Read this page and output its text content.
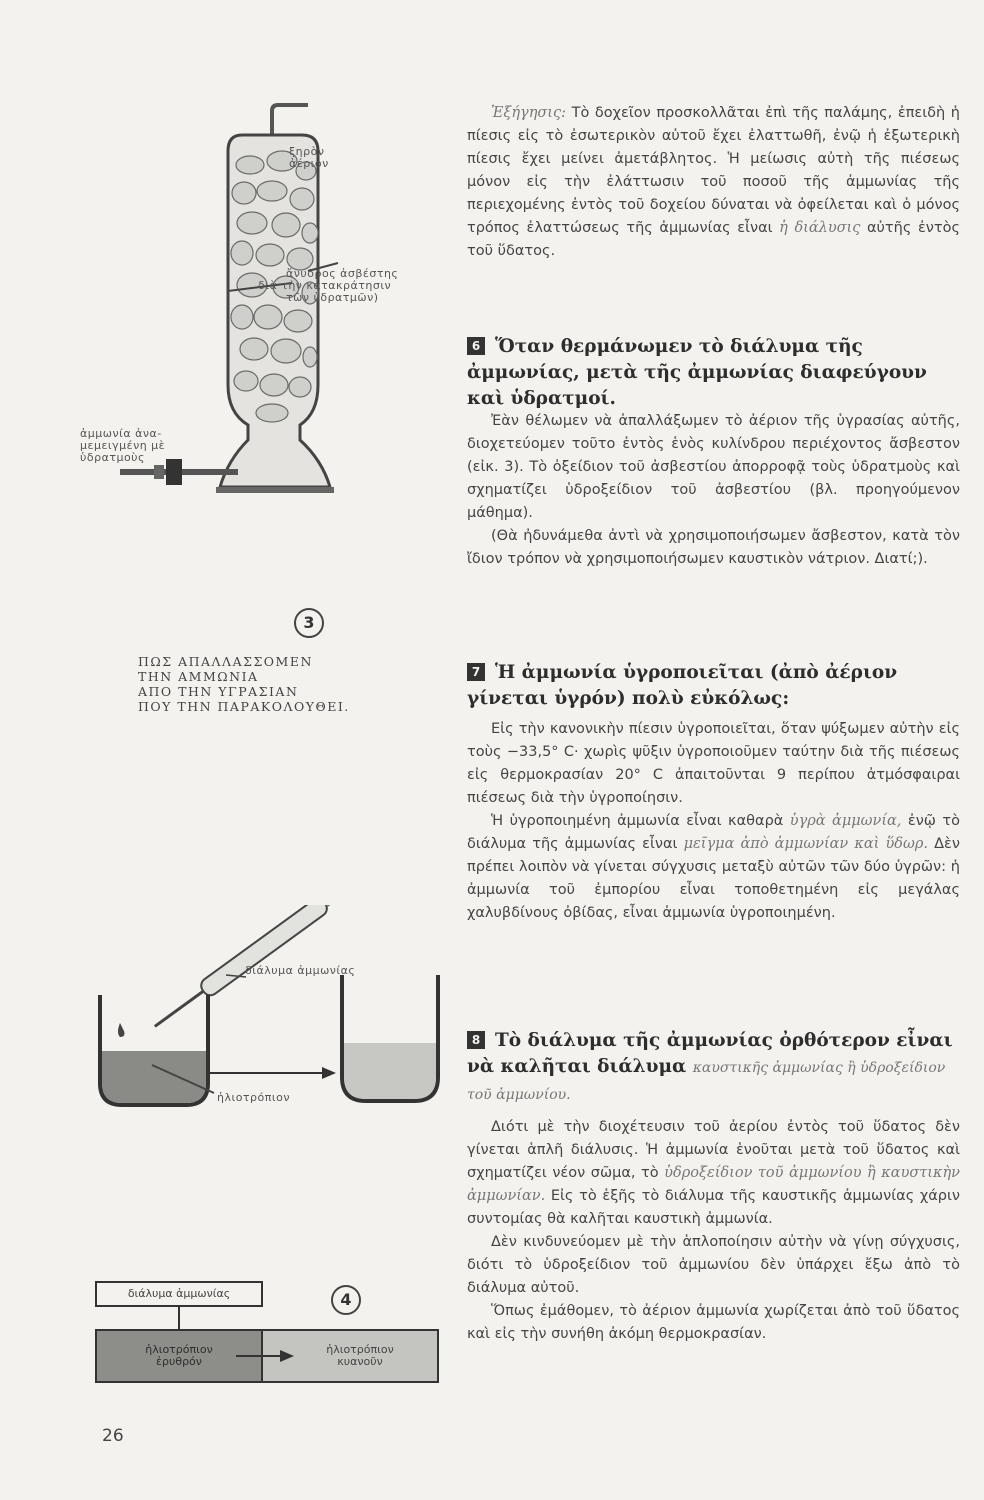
ξηρὸν
ἀέριον
ἄνυδρος ἀσβέστης
διὰ τὴν κατακράτησιν
τῶν ὑδρατμῶν)
ἀμμωνία ἀνα-
μεμειγμένη μὲ
ὑδρατμοὺς
3
ΠΩΣ ΑΠΑΛΛΑΣΣΟΜΕΝ
ΤΗΝ ΑΜΜΩΝΙΑ
ΑΠΟ ΤΗΝ ΥΓΡΑΣΙΑΝ
ΠΟΥ ΤΗΝ ΠΑΡΑΚΟΛΟΥΘΕΙ.
διάλυμα ἀμμωνίας
ἡλιοτρόπιον
διάλυμα ἀμμωνίας
ἡλιοτρόπιον
ἐρυθρόν
ἡλιοτρόπιον
κυανοῦν
4
26

Ἐξήγησις: Τὸ δοχεῖον προσκολλᾶται ἐπὶ τῆς παλάμης, ἐπειδὴ ἡ πίεσις εἰς τὸ ἐσωτερικὸν αὐτοῦ ἔχει ἐλαττωθῆ, ἐνῷ ἡ ἐξωτερικὴ πίεσις ἔχει μείνει ἀμετάβλητος. Ἡ μείωσις αὐτὴ τῆς πιέσεως μόνον εἰς τὴν ἐλάττωσιν τοῦ ποσοῦ τῆς ἀμμωνίας τῆς περιεχομένης ἐντὸς τοῦ δοχείου δύναται νὰ ὀφείλεται καὶ ὁ μόνος τρόπος ἐλαττώσεως τῆς ἀμμωνίας εἶναι ἡ διάλυσις αὐτῆς ἐντὸς τοῦ ὕδατος.

6 Ὅταν θερμάνωμεν τὸ διάλυμα τῆς ἀμμωνίας, μετὰ τῆς ἀμμωνίας διαφεύγουν καὶ ὑδρατμοί.

Ἐὰν θέλωμεν νὰ ἀπαλλάξωμεν τὸ ἀέριον τῆς ὑγρασίας αὐτῆς, διοχετεύομεν τοῦτο ἐντὸς ἑνὸς κυλίνδρου περιέχοντος ἄσβεστον (εἰκ. 3). Τὸ ὀξείδιον τοῦ ἀσβεστίου ἀπορροφᾷ τοὺς ὑδρατμοὺς καὶ σχηματίζει ὑδροξείδιον τοῦ ἀσβεστίου (βλ. προηγούμενον μάθημα).

(Θὰ ἠδυνάμεθα ἀντὶ νὰ χρησιμοποιήσωμεν ἄσβεστον, κατὰ τὸν ἴδιον τρόπον νὰ χρησιμοποιήσωμεν καυστικὸν νάτριον. Διατί;).

7 Ἡ ἀμμωνία ὑγροποιεῖται (ἀπὸ ἀέριον γίνεται ὑγρόν) πολὺ εὐκόλως:

Εἰς τὴν κανονικὴν πίεσιν ὑγροποιεῖται, ὅταν ψύξωμεν αὐτὴν εἰς τοὺς −33,5° C· χωρὶς ψῦξιν ὑγροποιοῦμεν ταύτην διὰ τῆς πιέσεως εἰς θερμοκρασίαν 20° C ἀπαιτοῦνται 9 περίπου ἀτμόσφαιραι πιέσεως διὰ τὴν ὑγροποίησιν.

Ἡ ὑγροποιημένη ἀμμωνία εἶναι καθαρὰ ὑγρὰ ἀμμωνία, ἐνῷ τὸ διάλυμα τῆς ἀμμωνίας εἶναι μεῖγμα ἀπὸ ἀμμωνίαν καὶ ὕδωρ. Δὲν πρέπει λοιπὸν νὰ γίνεται σύγχυσις μεταξὺ αὐτῶν τῶν δύο ὑγρῶν: ἡ ἀμμωνία τοῦ ἐμπορίου εἶναι τοποθετημένη εἰς μεγάλας χαλυβδίνους ὀβίδας, εἶναι ἀμμωνία ὑγροποιημένη.

8 Τὸ διάλυμα τῆς ἀμμωνίας ὀρθότερον εἶναι νὰ καλῆται διάλυμα καυστικῆς ἀμμωνίας ἢ ὑδροξείδιον τοῦ ἀμμωνίου.

Διότι μὲ τὴν διοχέτευσιν τοῦ ἀερίου ἐντὸς τοῦ ὕδατος δὲν γίνεται ἁπλῆ διάλυσις. Ἡ ἀμμωνία ἑνοῦται μετὰ τοῦ ὕδατος καὶ σχηματίζει νέον σῶμα, τὸ ὑδροξείδιον τοῦ ἀμμωνίου ἢ καυστικὴν ἀμμωνίαν. Εἰς τὸ ἑξῆς τὸ διάλυμα τῆς καυστικῆς ἀμμωνίας χάριν συντομίας θὰ καλῆται καυστικὴ ἀμμωνία.

Δὲν κινδυνεύομεν μὲ τὴν ἁπλοποίησιν αὐτὴν νὰ γίνῃ σύγχυσις, διότι τὸ ὑδροξείδιον τοῦ ἀμμωνίου δὲν ὑπάρχει ἔξω ἀπὸ τὸ διάλυμα αὐτοῦ.

Ὅπως ἐμάθομεν, τὸ ἀέριον ἀμμωνία χωρίζεται ἀπὸ τοῦ ὕδατος καὶ εἰς τὴν συνήθη ἀκόμη θερμοκρασίαν.
